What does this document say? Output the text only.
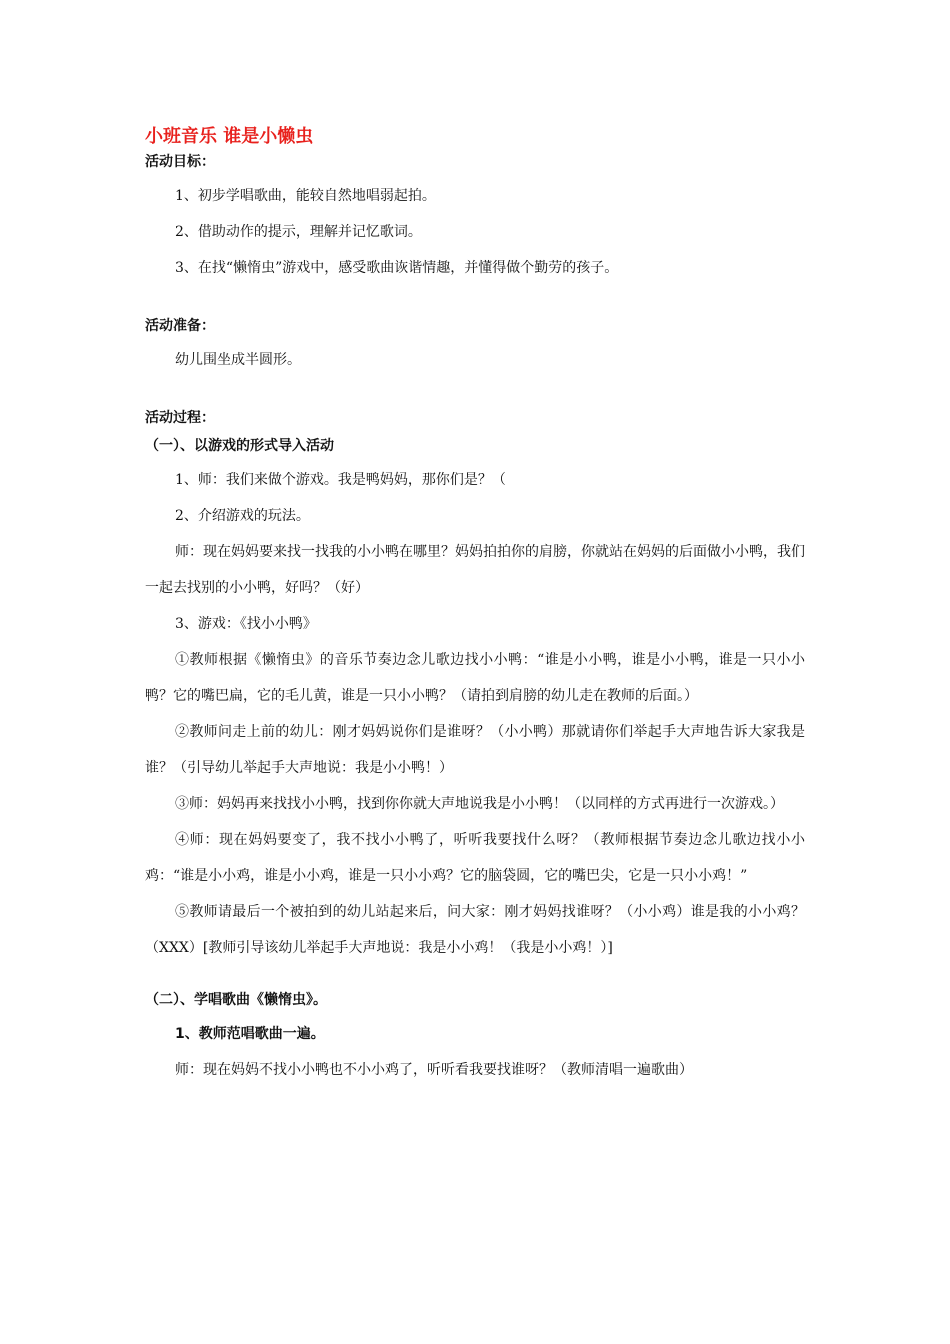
小班音乐 谁是小懒虫

活动目标：

1、初步学唱歌曲，能较自然地唱弱起拍。

2、借助动作的提示，理解并记忆歌词。

3、在找“懒惰虫”游戏中，感受歌曲诙谐情趣，并懂得做个勤劳的孩子。

活动准备：

幼儿围坐成半圆形。

活动过程：

（一）、以游戏的形式导入活动

1、师：我们来做个游戏。我是鸭妈妈，那你们是？（

2、介绍游戏的玩法。

师：现在妈妈要来找一找我的小小鸭在哪里？妈妈拍拍你的肩膀，你就站在妈妈的后面做小小鸭，我们一起去找别的小小鸭，好吗？（好）

3、游戏：《找小小鸭》

①教师根据《懒惰虫》的音乐节奏边念儿歌边找小小鸭：“谁是小小鸭，谁是小小鸭，谁是一只小小鸭？它的嘴巴扁，它的毛儿黄，谁是一只小小鸭？（请拍到肩膀的幼儿走在教师的后面。）

②教师问走上前的幼儿：刚才妈妈说你们是谁呀？（小小鸭）那就请你们举起手大声地告诉大家我是谁？（引导幼儿举起手大声地说：我是小小鸭！）

③师：妈妈再来找找小小鸭，找到你你就大声地说我是小小鸭！（以同样的方式再进行一次游戏。）

④师：现在妈妈要变了，我不找小小鸭了，听听我要找什么呀？（教师根据节奏边念儿歌边找小小鸡：“谁是小小鸡，谁是小小鸡，谁是一只小小鸡？它的脑袋圆，它的嘴巴尖，它是一只小小鸡！”

⑤教师请最后一个被拍到的幼儿站起来后，问大家：刚才妈妈找谁呀？（小小鸡）谁是我的小小鸡？（XXX）[教师引导该幼儿举起手大声地说：我是小小鸡！（我是小小鸡！）]

（二）、学唱歌曲《懒惰虫》。

1、教师范唱歌曲一遍。

师：现在妈妈不找小小鸭也不小小鸡了，听听看我要找谁呀？（教师清唱一遍歌曲）
